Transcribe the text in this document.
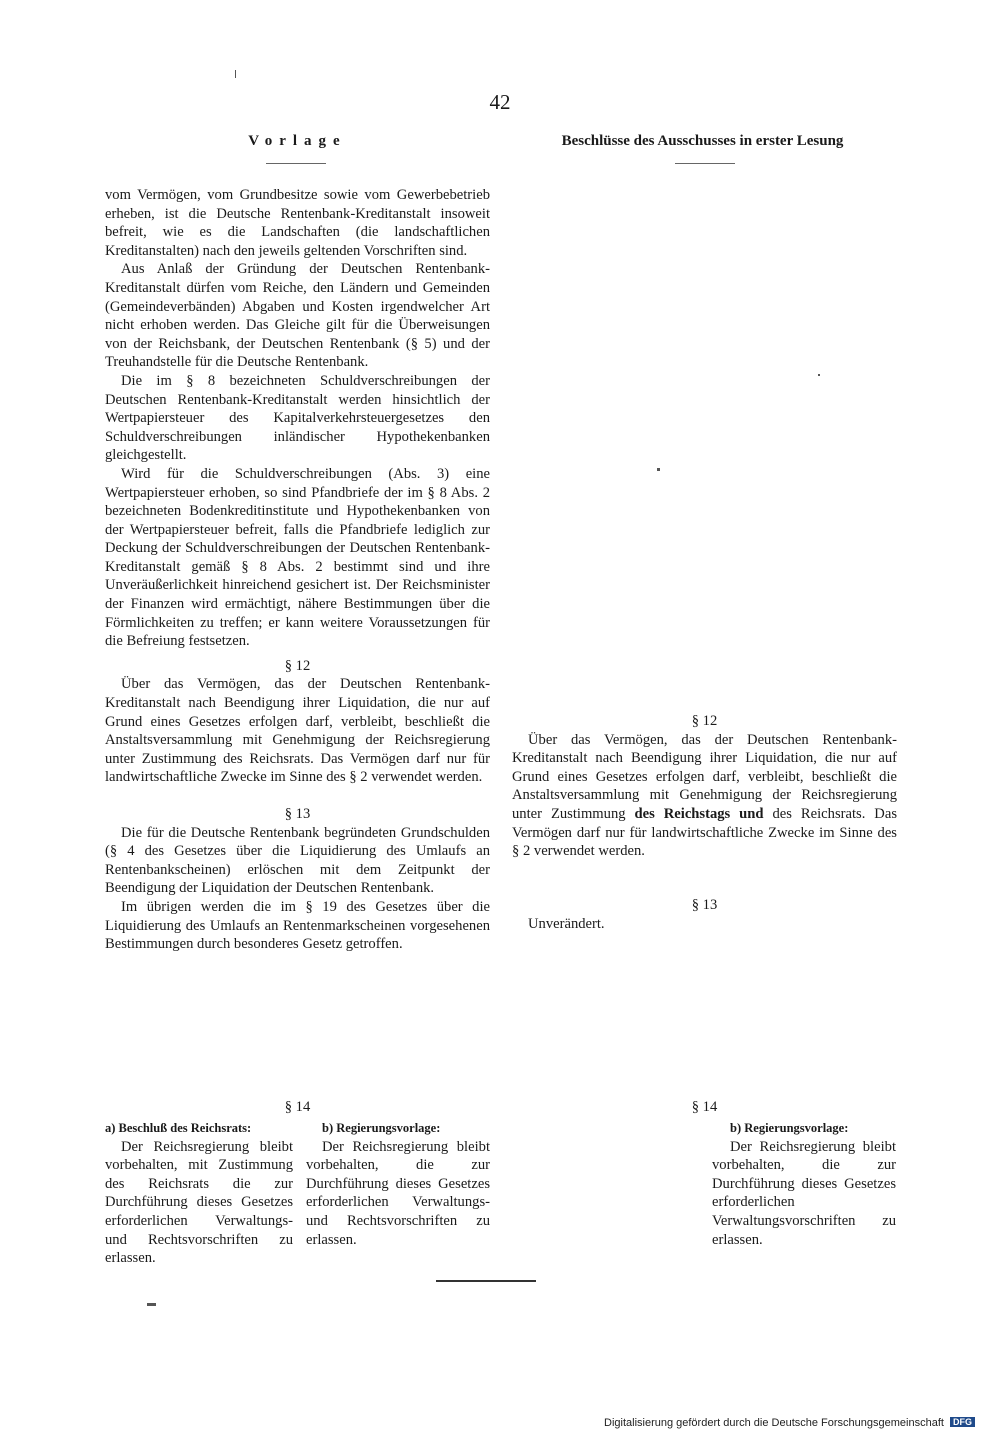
42
Vorlage	Beschlüsse des Ausschusses in erster Lesung

vom Vermögen, vom Grundbesitze sowie vom Gewerbebetrieb erheben, ist die Deutsche Rentenbank-Kreditanstalt insoweit befreit, wie es die Landschaften (die landschaftlichen Kreditanstalten) nach den jeweils geltenden Vorschriften sind.

Aus Anlaß der Gründung der Deutschen Rentenbank-Kreditanstalt dürfen vom Reiche, den Ländern und Gemeinden (Gemeindeverbänden) Abgaben und Kosten irgendwelcher Art nicht erhoben werden. Das Gleiche gilt für die Überweisungen von der Reichsbank, der Deutschen Rentenbank (§ 5) und der Treuhandstelle für die Deutsche Rentenbank.

Die im § 8 bezeichneten Schuldverschreibungen der Deutschen Rentenbank-Kreditanstalt werden hinsichtlich der Wertpapiersteuer des Kapitalverkehrsteuergesetzes den Schuldverschreibungen inländischer Hypothekenbanken gleichgestellt.

Wird für die Schuldverschreibungen (Abs. 3) eine Wertpapiersteuer erhoben, so sind Pfandbriefe der im § 8 Abs. 2 bezeichneten Bodenkreditinstitute und Hypothekenbanken von der Wertpapiersteuer befreit, falls die Pfandbriefe lediglich zur Deckung der Schuldverschreibungen der Deutschen Rentenbank-Kreditanstalt gemäß § 8 Abs. 2 bestimmt sind und ihre Unveräußerlichkeit hinreichend gesichert ist. Der Reichsminister der Finanzen wird ermächtigt, nähere Bestimmungen über die Förmlichkeiten zu treffen; er kann weitere Voraussetzungen für die Befreiung festsetzen.

§ 12

Über das Vermögen, das der Deutschen Rentenbank-Kreditanstalt nach Beendigung ihrer Liquidation, die nur auf Grund eines Gesetzes erfolgen darf, verbleibt, beschließt die Anstaltsversammlung mit Genehmigung der Reichsregierung unter Zustimmung des Reichsrats. Das Vermögen darf nur für landwirtschaftliche Zwecke im Sinne des § 2 verwendet werden.

§ 13

Die für die Deutsche Rentenbank begründeten Grundschulden (§ 4 des Gesetzes über die Liquidierung des Umlaufs an Rentenbankscheinen) erlöschen mit dem Zeitpunkt der Beendigung der Liquidation der Deutschen Rentenbank.

Im übrigen werden die im § 19 des Gesetzes über die Liquidierung des Umlaufs an Rentenmarkscheinen vorgesehenen Bestimmungen durch besonderes Gesetz getroffen.

§ 14
a) Beschluß des Reichsrats:
Der Reichsregierung bleibt vorbehalten, mit Zustimmung des Reichsrats die zur Durchführung dieses Gesetzes erforderlichen Verwaltungs- und Rechtsvorschriften zu erlassen.
b) Regierungsvorlage:
Der Reichsregierung bleibt vorbehalten, die zur Durchführung dieses Gesetzes erforderlichen Verwaltungs- und Rechtsvorschriften zu erlassen.

§ 12

Über das Vermögen, das der Deutschen Rentenbank-Kreditanstalt nach Beendigung ihrer Liquidation, die nur auf Grund eines Gesetzes erfolgen darf, verbleibt, beschließt die Anstaltsversammlung mit Genehmigung der Reichsregierung unter Zustimmung des Reichstags und des Reichsrats. Das Vermögen darf nur für landwirtschaftliche Zwecke im Sinne des § 2 verwendet werden.

§ 13

Unverändert.

§ 14
b) Regierungsvorlage:
Der Reichsregierung bleibt vorbehalten, die zur Durchführung dieses Gesetzes erforderlichen Verwaltungsvorschriften zu erlassen.
Digitalisierung gefördert durch die Deutsche Forschungsgemeinschaft DFG
